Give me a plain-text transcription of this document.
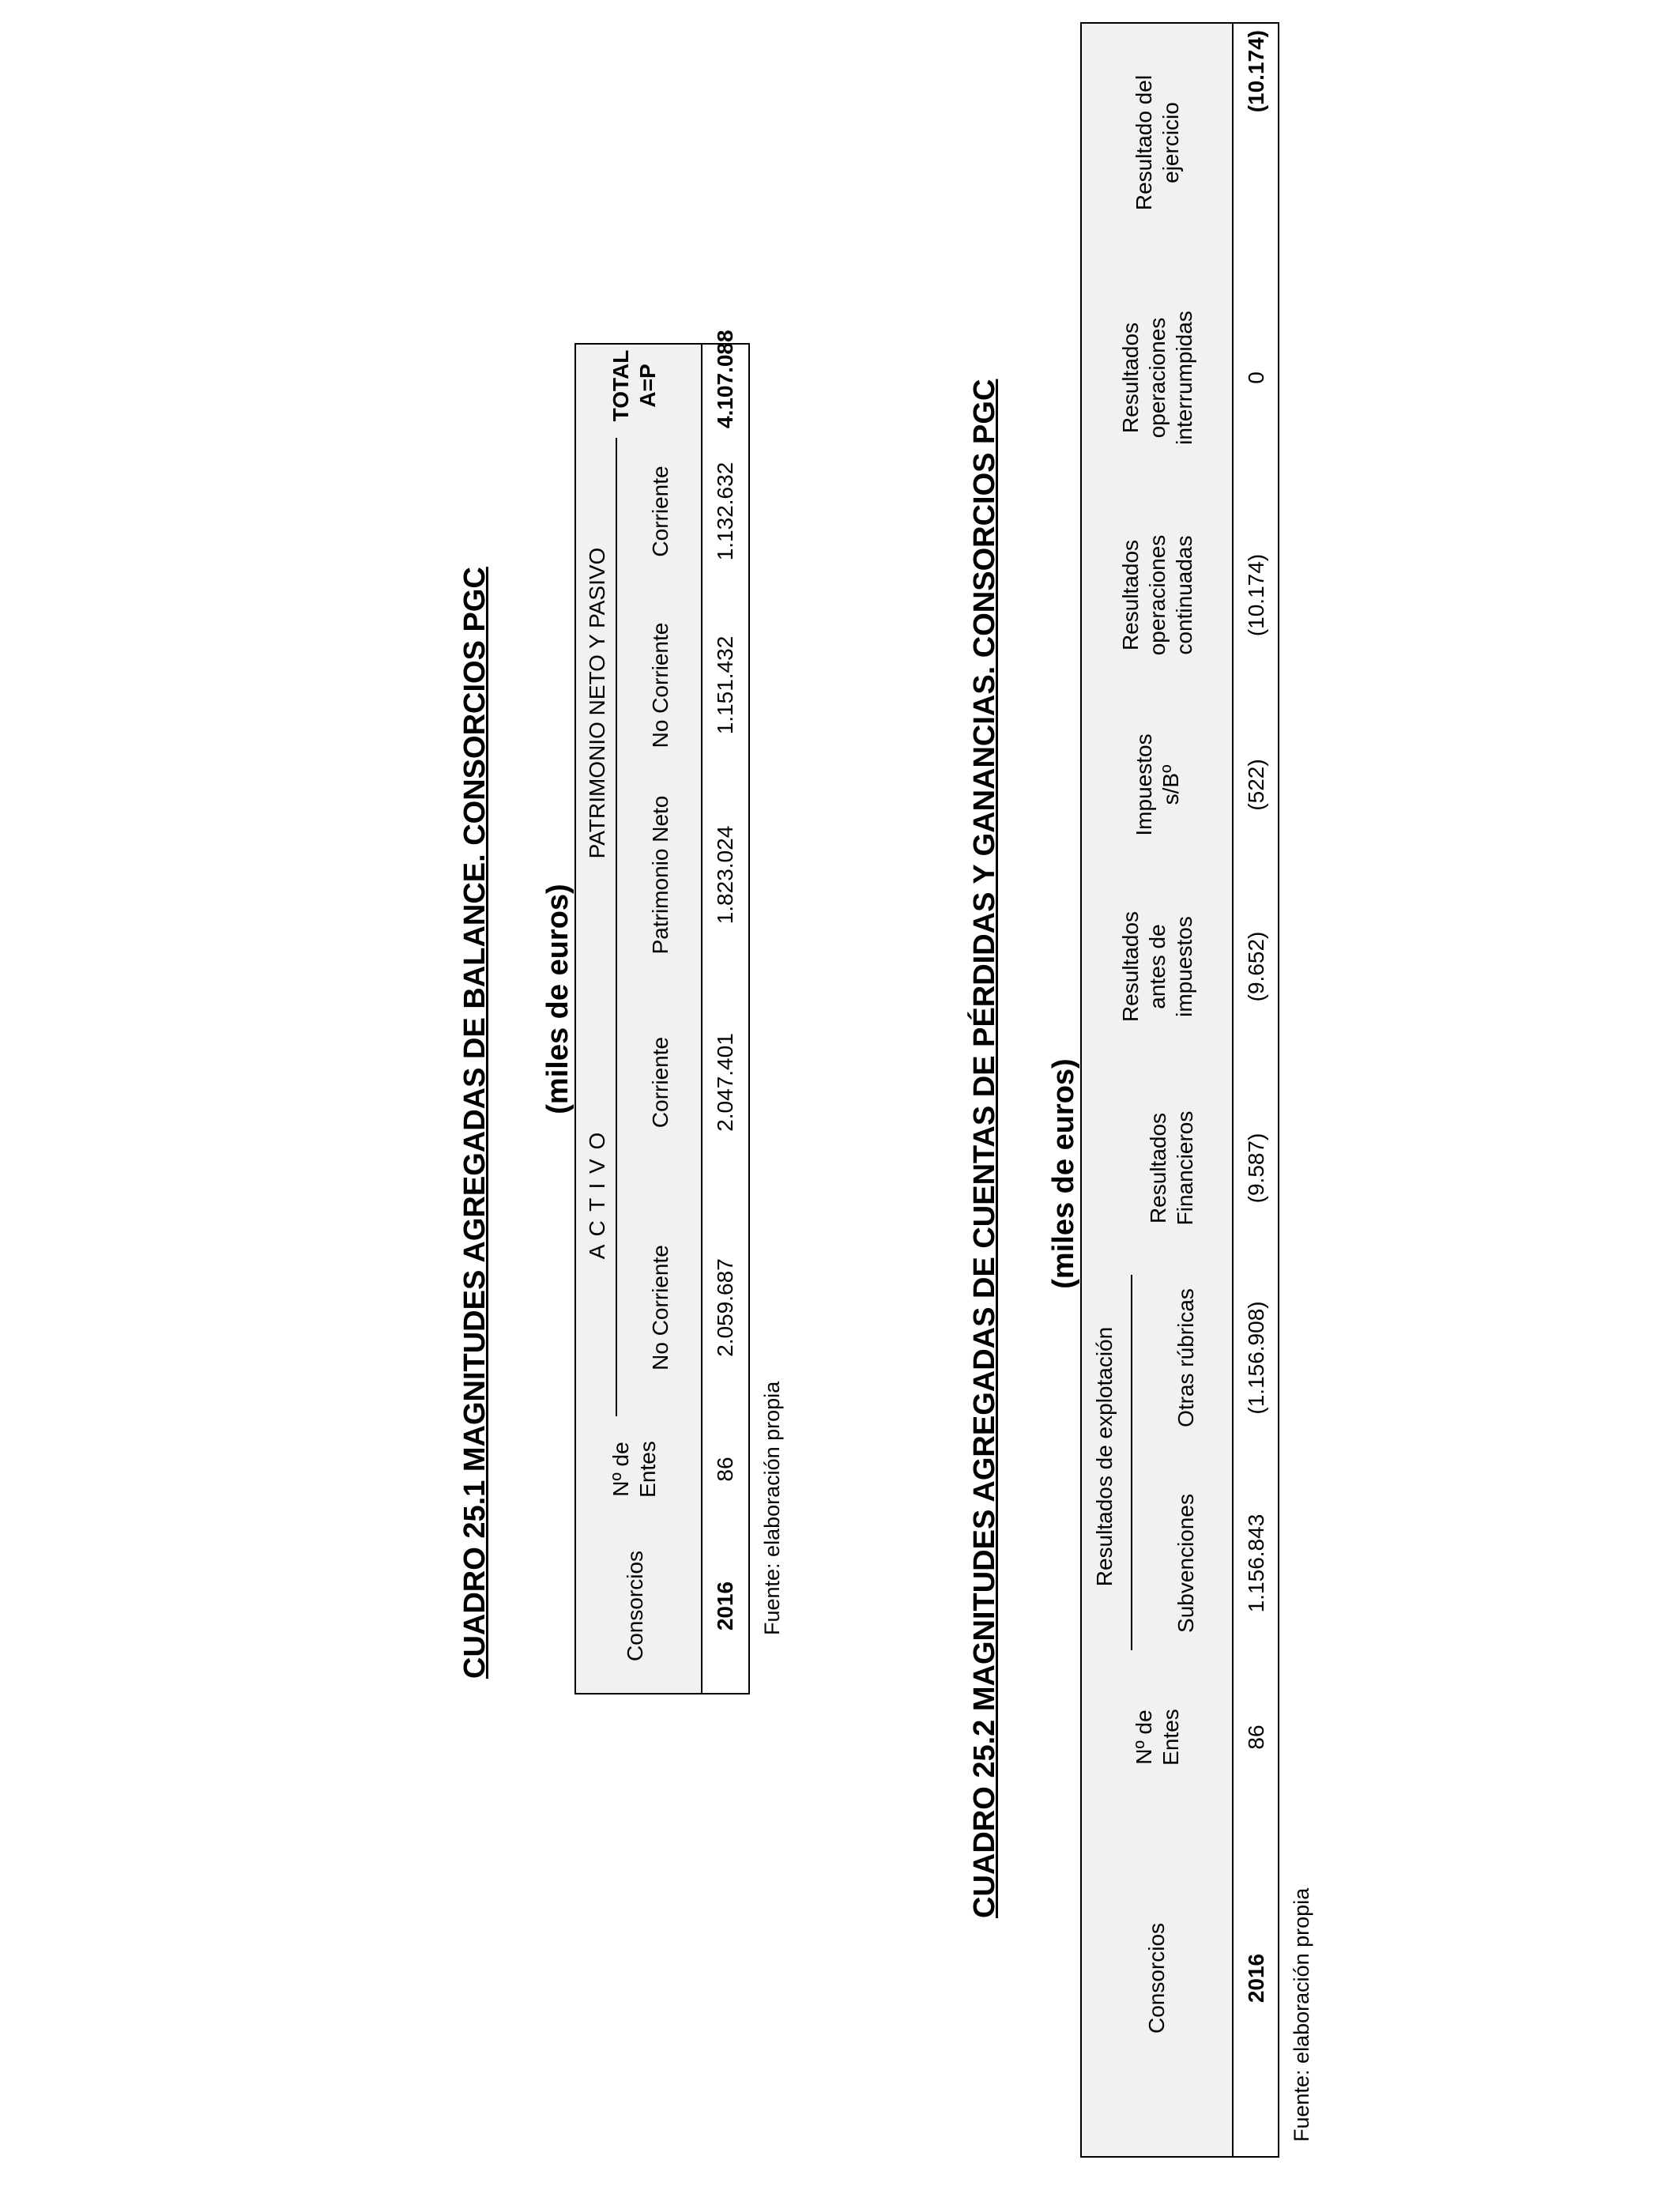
CUADRO 25.1 MAGNITUDES AGREGADAS DE BALANCE. CONSORCIOS PGC (miles de euros)
Consorcios
Nº de
Entes
A C T I V O
No Corriente
Corriente
PATRIMONIO NETO Y PASIVO
Patrimonio Neto
No Corriente
Corriente
TOTAL
A=P
2016
86
2.059.687
2.047.401
1.823.024
1.151.432
1.132.632
4.107.088
Fuente: elaboración propia	CUADRO 25.2 MAGNITUDES AGREGADAS DE CUENTAS DE PÉRDIDAS Y GANANCIAS. CONSORCIOS PGC (miles de euros)
Consorcios
Nº de
Entes
Resultados de explotación	Subvenciones
Otras rúbricas
Resultados
Financieros
Resultados
antes de
impuestos
Impuestos
s/Bº
Resultados
operaciones
continuadas
Resultados
operaciones
interrumpidas
Resultado del
ejercicio
2016
86
1.156.843
(1.156.908)
(9.587)
(9.652)
(522)
(10.174)
0
(10.174)
Fuente: elaboración propia
